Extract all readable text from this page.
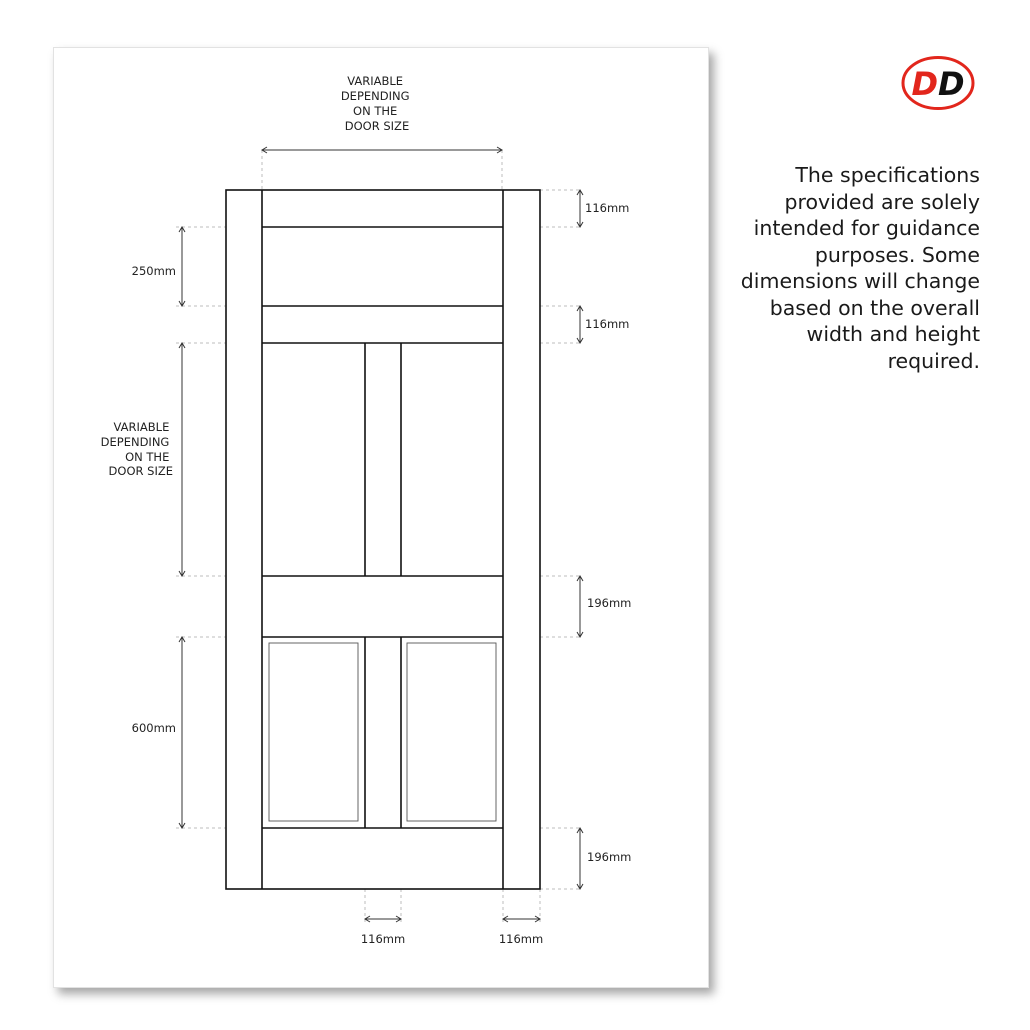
VARIABLE DEPENDING ON THE DOOR SIZE
116mm
250mm
116mm
VARIABLE DEPENDING ON THE DOOR SIZE
196mm
600mm
196mm
116mm	116mm
DD
The specifications provided are solely intended for guidance purposes. Some dimensions will change based on the overall width and height required.
